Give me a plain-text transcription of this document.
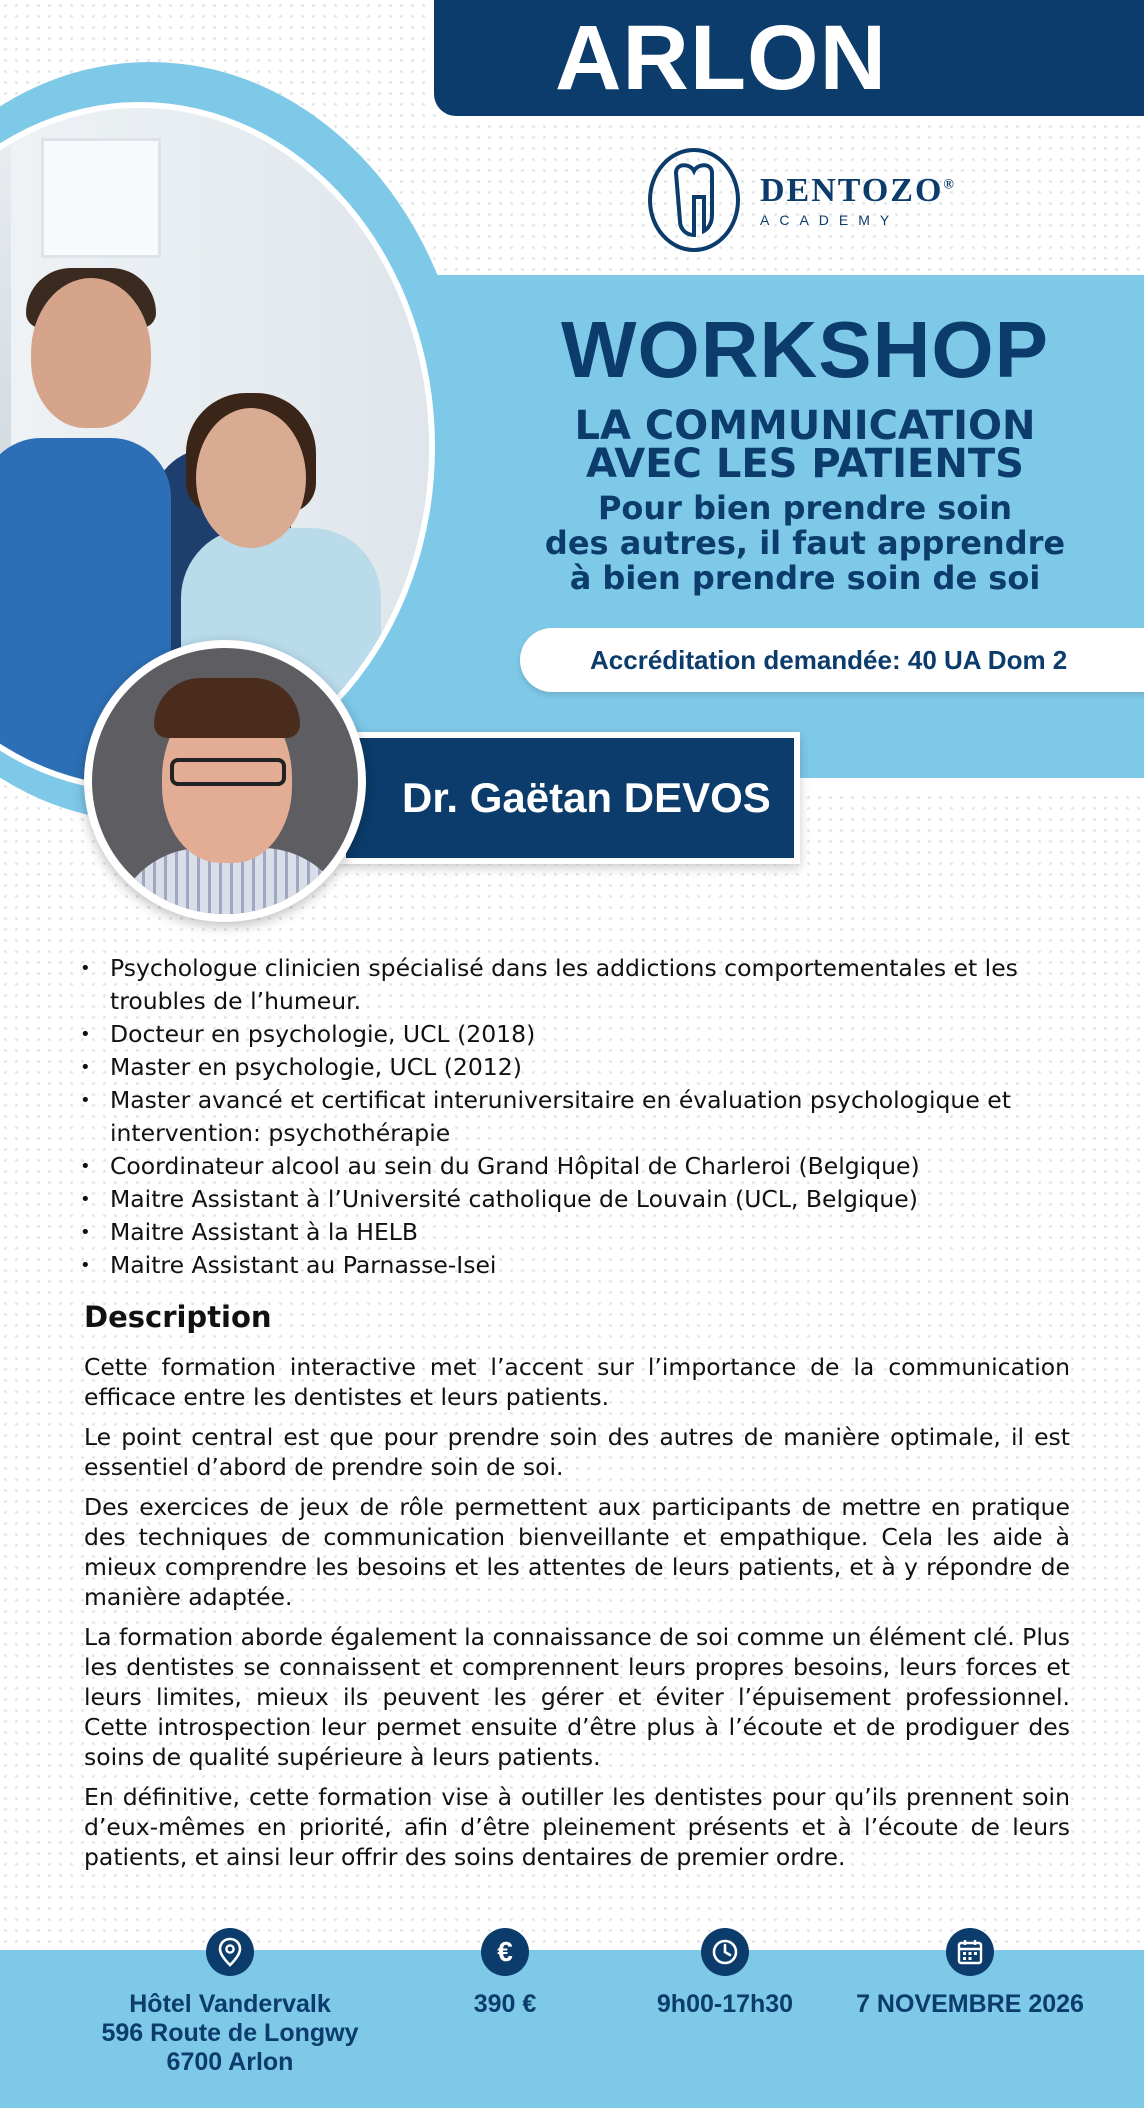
ARLON
DENTOZO®
ACADEMY
WORKSHOP
LA COMMUNICATION
AVEC LES PATIENTS
Pour bien prendre soin
des autres, il faut apprendre
à bien prendre soin de soi
Accréditation demandée: 40 UA Dom 2
Dr. Gaëtan DEVOS
• Psychologue clinicien spécialisé dans les addictions comportementales et les troubles de l’humeur.
• Docteur en psychologie, UCL (2018)
• Master en psychologie, UCL (2012)
• Master avancé et certificat interuniversitaire en évaluation psychologique et intervention: psychothérapie
• Coordinateur alcool au sein du Grand Hôpital de Charleroi (Belgique)
• Maitre Assistant à l’Université catholique de Louvain (UCL, Belgique)
• Maitre Assistant à la HELB
• Maitre Assistant au Parnasse-Isei
Description

Cette formation interactive met l’accent sur l’importance de la communication efficace entre les dentistes et leurs patients.

Le point central est que pour prendre soin des autres de manière optimale, il est essentiel d’abord de prendre soin de soi.

Des exercices de jeux de rôle permettent aux participants de mettre en pratique des techniques de communication bienveillante et empathique. Cela les aide à mieux comprendre les besoins et les attentes de leurs patients, et à y répondre de manière adaptée.

La formation aborde également la connaissance de soi comme un élément clé. Plus les dentistes se connaissent et comprennent leurs propres besoins, leurs forces et leurs limites, mieux ils peuvent les gérer et éviter l’épuisement professionnel. Cette introspection leur permet ensuite d’être plus à l’écoute et de prodiguer des soins de qualité supérieure à leurs patients.

En définitive, cette formation vise à outiller les dentistes pour qu’ils prennent soin d’eux-mêmes en priorité, afin d’être pleinement présents et à l’écoute de leurs patients, et ainsi leur offrir des soins dentaires de premier ordre.

Hôtel Vandervalk
596 Route de Longwy
6700 Arlon
€
390 €	9h00-17h30	7 NOVEMBRE 2026
